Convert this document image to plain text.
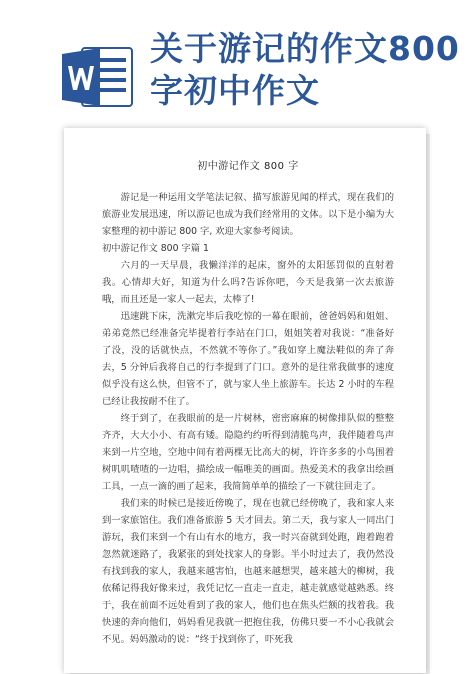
关于游记的作文800字初中作文
初中游记作文 800 字

游记是一种运用文学笔法记叙、描写旅游见闻的样式，现在我们的旅游业发展迅速，所以游记也成为我们经常用的文体。以下是小编为大家整理的初中游记 800 字, 欢迎大家参考阅读。

初中游记作文 800 字篇 1

六月的一天早晨，我懒洋洋的起床，窗外的太阳惩罚似的直射着我。心情却大好，知道为什么吗?告诉你吧，今天是我第一次去旅游哦，而且还是一家人一起去，太棒了!

迅速跳下床，洗漱完毕后我吃惊的一幕在眼前，爸爸妈妈和姐姐、弟弟竟然已经准备完毕提着行李站在门口，姐姐笑着对我说：“准备好了没，没的话就快点，不然就不等你了。”我如穿上魔法鞋似的奔了奔去，5 分钟后我将自己的行李提到了门口。意外的是往常我做事的速度似乎没有这么快，但管不了，就与家人坐上旅游车。长达 2 小时的车程已经让我按耐不住了。

终于到了，在我眼前的是一片树林，密密麻麻的树像排队似的整整齐齐，大大小小、有高有矮。隐隐约约听得到清脆鸟声，我伴随着鸟声来到一片空地，空地中间有着两棵无比高大的树，许许多多的小鸟围着树叽叽喳喳的一边唱，描绘成一幅唯美的画面。热爱美术的我拿出绘画工具，一点一滴的画了起来，我简简单单的描绘了一下就往回走了。

我们来的时候已是接近傍晚了，现在也就已经傍晚了，我和家人来到一家旅馆住。我们准备旅游 5 天才回去。第二天，我与家人一同出门游玩，我们来到一个有山有水的地方，我一时兴奋就到处跑，跑着跑着忽然就迷路了，我紧张的到处找家人的身影。半小时过去了，我仍然没有找到我的家人，我越来越害怕，也越来越想哭，越来越大的柳树，我依稀记得我好像来过，我凭记忆一直走一直走，越走就感觉越熟悉。终于，我在前面不远处看到了我的家人，他们也在焦头烂额的找着我。我快速的奔向他们，妈妈看见我就一把抱住我，仿佛只要一不小心我就会不见。妈妈激动的说：“终于找到你了，吓死我
